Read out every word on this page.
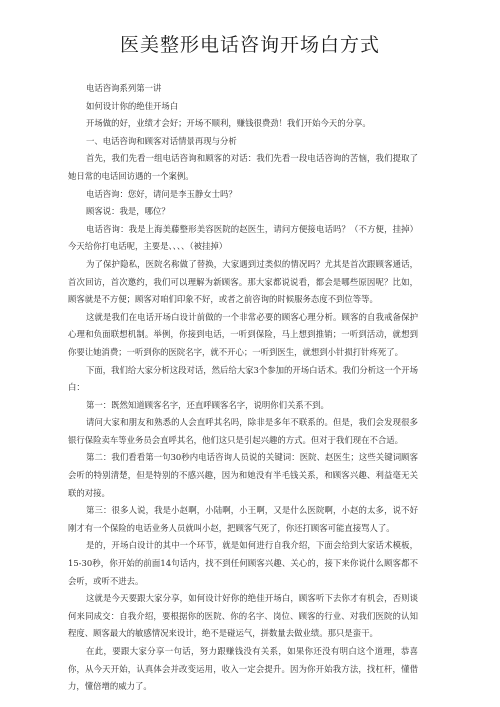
医美整形电话咨询开场白方式

电话咨询系列第一讲

如何设计你的绝佳开场白

开场做的好，业绩才会好；开场不顺利，赚钱很费劲！我们开始今天的分享。

一、电话咨询和顾客对话情景再现与分析

首先，我们先看一组电话咨询和顾客的对话：我们先看一段电话咨询的苦恼，我们提取了她日常的电话回访遇的一个案例。

电话咨询：您好，请问是李玉静女士吗？

顾客说：我是，哪位？

电话咨询：我是上海美藤整形美容医院的赵医生，请问方便接电话吗？（不方便，挂掉）今天给你打电话呢，主要是、、、、（被挂掉）

为了保护隐私，医院名称做了替换，大家遇到过类似的情况吗？尤其是首次跟顾客通话，首次回访，首次邀约，我们可以理解为新顾客。那大家都说说看，都会是哪些原因呢？比如，顾客就是不方便；顾客对咱们印象不好，或者之前咨询的时候服务态度不到位等等。

这就是我们在电话开场白设计前做的一个非常必要的顾客心理分析。顾客的自我戒备保护心理和负面联想机制。举例，你接到电话，一听到保险，马上想到推销；一听到活动，就想到你要让她消费；一听到你的医院名字，就不开心；一听到医生，就想到小针损打针疼死了。

下面，我们给大家分析这段对话，然后给大家3个参加的开场白话术。我们分析这一个开场白：

第一：既然知道顾客名字，还直呼顾客名字，说明你们关系不到。

请问大家和朋友和熟悉的人会直呼其名吗，除非是多年不联系的。但是，我们会发现很多银行保险卖车等业务员会直呼其名，他们这只是引起兴趣的方式。但对于我们现在不合适。

第二：我们看看第一句30秒内电话咨询人员说的关键词：医院、赵医生；这些关键词顾客会听的特别清楚，但是特别的不感兴趣，因为和她没有半毛钱关系，和顾客兴趣、利益毫无关联的对接。

第三：很多人说，我是小赵啊，小陆啊，小王啊，又是什么医院啊，小赵的太多，说不好刚才有一个保险的电话业务人员就叫小赵，把顾客气死了，你还打顾客可能直接骂人了。

是的，开场白设计的其中一个环节，就是如何进行自我介绍，下面会给到大家话术模板，15-30秒，你开始的前面14句话内，找不到任何顾客兴趣、关心的，接下来你说什么顾客都不会听，或听不进去。

这就是今天要跟大家分享，如何设计好你的绝佳开场白，顾客听下去你才有机会，否则谈何来同成交：自我介绍，要根据你的医院、你的名字、岗位、顾客的行业、对我们医院的认知程度、顾客最大的敏感情况来设计，绝不是碰运气，拼数量去做业绩。那只是蛮干。

在此，要跟大家分享一句话，努力跟赚钱没有关系，如果你还没有明白这个道理，恭喜你，从今天开始，认真体会并改变运用，收入一定会提升。因为你开始我方法，找杠杆，懂借力，懂倍增的威力了。
